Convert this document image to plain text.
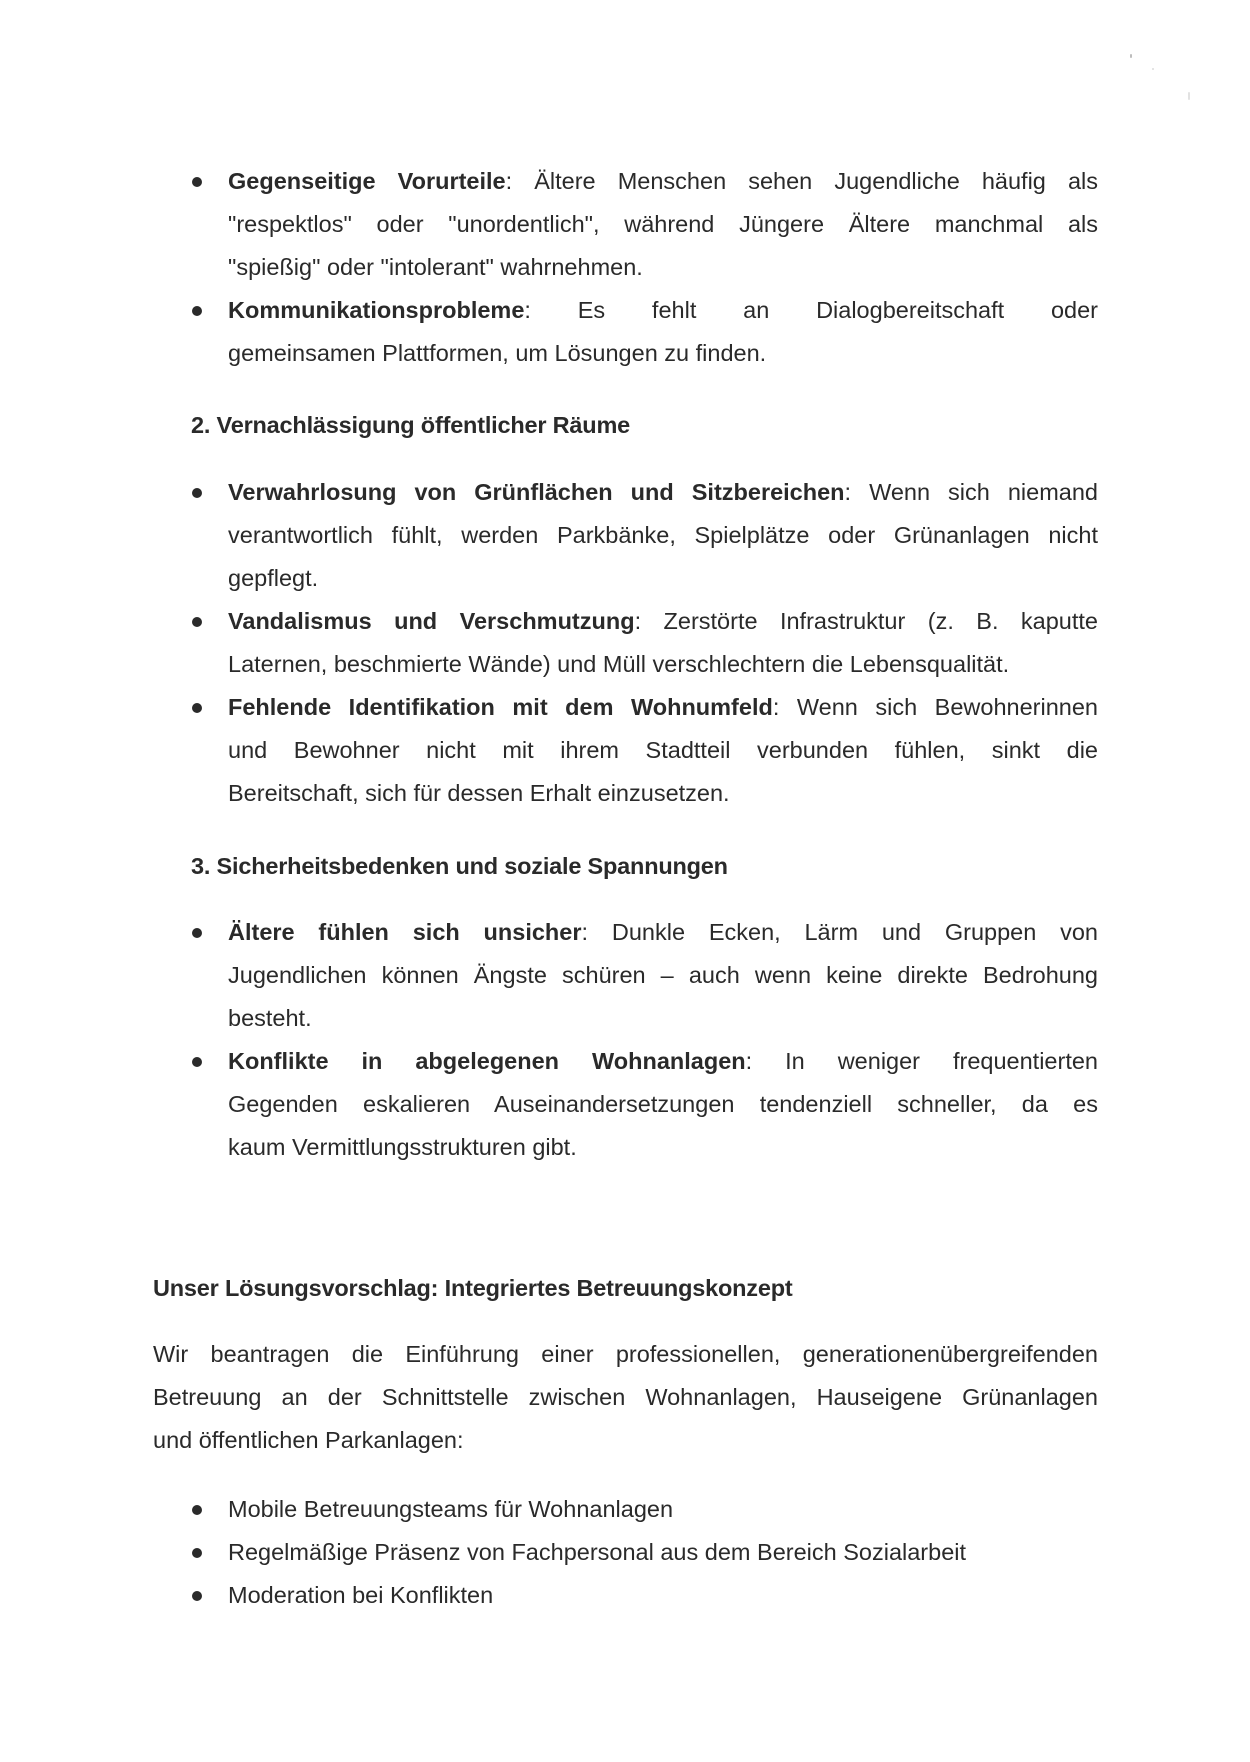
Gegenseitige Vorurteile: Ältere Menschen sehen Jugendliche häufig als
"respektlos" oder "unordentlich", während Jüngere Ältere manchmal als
"spießig" oder "intolerant" wahrnehmen.
Kommunikationsprobleme: Es fehlt an Dialogbereitschaft oder
gemeinsamen Plattformen, um Lösungen zu finden.
2. Vernachlässigung öffentlicher Räume
Verwahrlosung von Grünflächen und Sitzbereichen: Wenn sich niemand
verantwortlich fühlt, werden Parkbänke, Spielplätze oder Grünanlagen nicht
gepflegt.
Vandalismus und Verschmutzung: Zerstörte Infrastruktur (z. B. kaputte
Laternen, beschmierte Wände) und Müll verschlechtern die Lebensqualität.
Fehlende Identifikation mit dem Wohnumfeld: Wenn sich Bewohnerinnen
und Bewohner nicht mit ihrem Stadtteil verbunden fühlen, sinkt die
Bereitschaft, sich für dessen Erhalt einzusetzen.
3. Sicherheitsbedenken und soziale Spannungen
Ältere fühlen sich unsicher: Dunkle Ecken, Lärm und Gruppen von
Jugendlichen können Ängste schüren – auch wenn keine direkte Bedrohung
besteht.
Konflikte in abgelegenen Wohnanlagen: In weniger frequentierten
Gegenden eskalieren Auseinandersetzungen tendenziell schneller, da es
kaum Vermittlungsstrukturen gibt.
Unser Lösungsvorschlag: Integriertes Betreuungskonzept
Wir beantragen die Einführung einer professionellen, generationenübergreifenden
Betreuung an der Schnittstelle zwischen Wohnanlagen, Hauseigene Grünanlagen
und öffentlichen Parkanlagen:
Mobile Betreuungsteams für Wohnanlagen
Regelmäßige Präsenz von Fachpersonal aus dem Bereich Sozialarbeit
Moderation bei Konflikten
